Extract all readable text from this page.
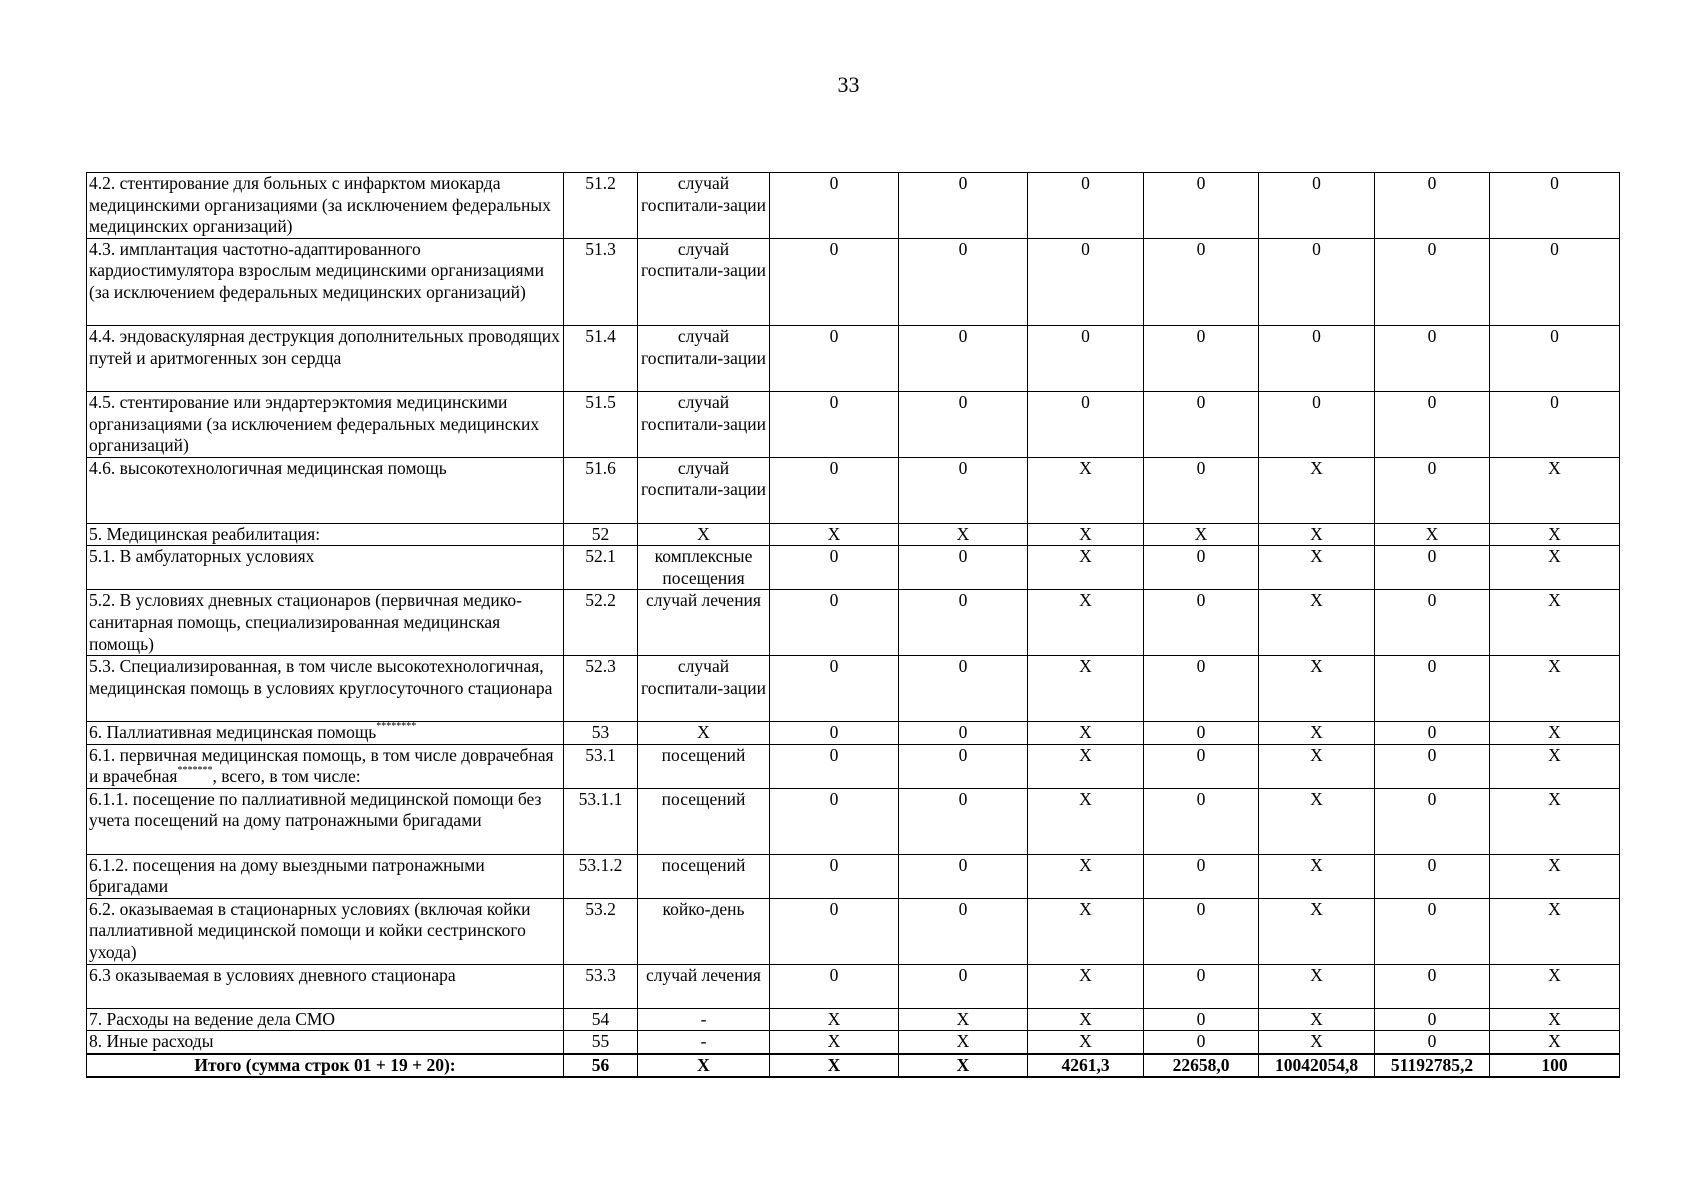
33
4.2. стентирование для больных с инфарктом миокарда медицинскими организациями (за исключением федеральных медицинских организаций)	51.2	случай госпитали-зации	0	0	0	0	0	0	0
4.3. имплантация частотно-адаптированного кардиостимулятора взрослым медицинскими организациями (за исключением федеральных медицинских организаций)	51.3	случай госпитали-зации	0	0	0	0	0	0	0
4.4. эндоваскулярная деструкция дополнительных проводящих путей и аритмогенных зон сердца	51.4	случай госпитали-зации	0	0	0	0	0	0	0
4.5. стентирование или эндартерэктомия медицинскими организациями (за исключением федеральных медицинских организаций)	51.5	случай госпитали-зации	0	0	0	0	0	0	0
4.6. высокотехнологичная медицинская помощь	51.6	случай госпитали-зации	0	0	X	0	X	0	X
5. Медицинская реабилитация:	52	X	X	X	X	X	X	X	X
5.1. В амбулаторных условиях	52.1	комплексные посещения	0	0	X	0	X	0	X
5.2. В условиях дневных стационаров (первичная медико-санитарная помощь, специализированная медицинская помощь)	52.2	случай лечения	0	0	X	0	X	0	X
5.3. Специализированная, в том числе высокотехнологичная, медицинская помощь в условиях круглосуточного стационара	52.3	случай госпитали-зации	0	0	X	0	X	0	X
6. Паллиативная медицинская помощь********	53	X	0	0	X	0	X	0	X
6.1. первичная медицинская помощь, в том числе доврачебная и врачебная*******, всего, в том числе:	53.1	посещений	0	0	X	0	X	0	X
6.1.1. посещение по паллиативной медицинской помощи без учета посещений на дому патронажными бригадами	53.1.1	посещений	0	0	X	0	X	0	X
6.1.2. посещения на дому выездными патронажными бригадами	53.1.2	посещений	0	0	X	0	X	0	X
6.2. оказываемая в стационарных условиях (включая койки паллиативной медицинской помощи и койки сестринского ухода)	53.2	койко-день	0	0	X	0	X	0	X
6.3 оказываемая в условиях дневного стационара	53.3	случай лечения	0	0	X	0	X	0	X
7. Расходы на ведение дела СМО	54	-	X	X	X	0	X	0	X
8. Иные расходы	55	-	X	X	X	0	X	0	X
Итого (сумма строк 01 + 19 + 20):	56	X	X	X	4261,3	22658,0	10042054,8	51192785,2	100
